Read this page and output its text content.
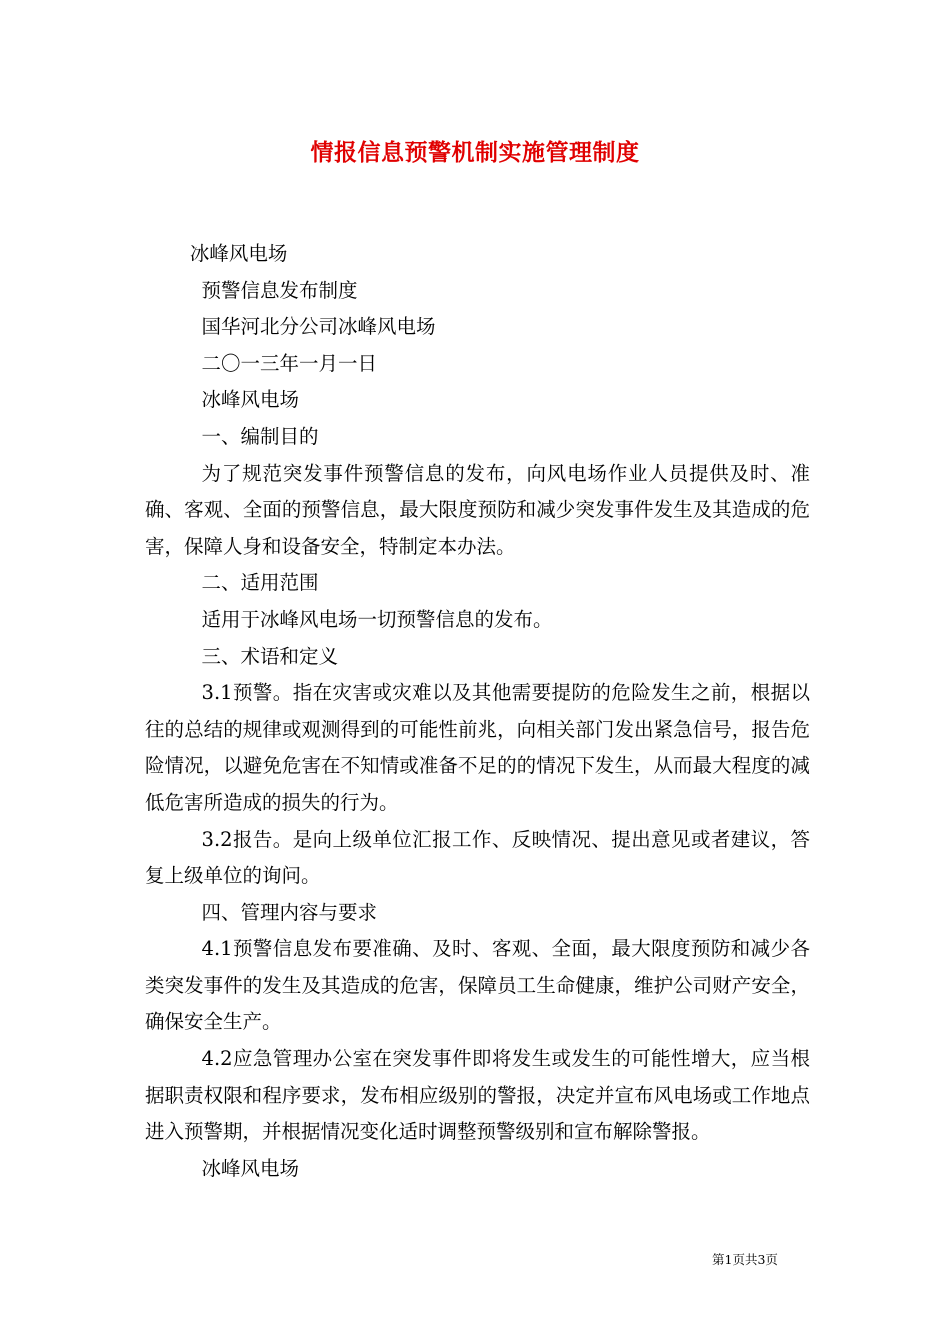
情报信息预警机制实施管理制度

冰峰风电场

预警信息发布制度

国华河北分公司冰峰风电场

二〇一三年一月一日

冰峰风电场

一、编制目的

为了规范突发事件预警信息的发布，向风电场作业人员提供及时、准确、客观、全面的预警信息，最大限度预防和减少突发事件发生及其造成的危害，保障人身和设备安全，特制定本办法。

二、适用范围

适用于冰峰风电场一切预警信息的发布。

三、术语和定义

3.1预警。指在灾害或灾难以及其他需要提防的危险发生之前，根据以往的总结的规律或观测得到的可能性前兆，向相关部门发出紧急信号，报告危险情况，以避免危害在不知情或准备不足的的情况下发生，从而最大程度的减低危害所造成的损失的行为。

3.2报告。是向上级单位汇报工作、反映情况、提出意见或者建议，答复上级单位的询问。

四、管理内容与要求

4.1预警信息发布要准确、及时、客观、全面，最大限度预防和减少各类突发事件的发生及其造成的危害，保障员工生命健康，维护公司财产安全，确保安全生产。

4.2应急管理办公室在突发事件即将发生或发生的可能性增大，应当根据职责权限和程序要求，发布相应级别的警报，决定并宣布风电场或工作地点进入预警期，并根据情况变化适时调整预警级别和宣布解除警报。

冰峰风电场

第1页共3页
